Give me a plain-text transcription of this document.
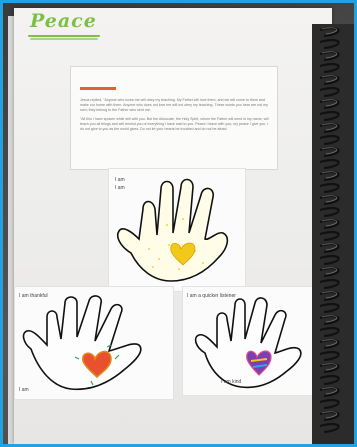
Peace

Jesus replied, "Anyone who loves me will obey my teaching. My Father will love them, and we will come to them and make our home with them. Anyone who does not love me will not obey my teaching. These words you hear are not my own; they belong to the Father who sent me.

"All this I have spoken while still with you. But the Advocate, the Holy Spirit, whom the Father will send in my name, will teach you all things and will remind you of everything I have said to you. Peace I leave with you; my peace I give you. I do not give to you as the world gives. Do not let your hearts be troubled and do not be afraid.

I am
I am
I am thankful
I am
I am a quicker listener
I am kind
